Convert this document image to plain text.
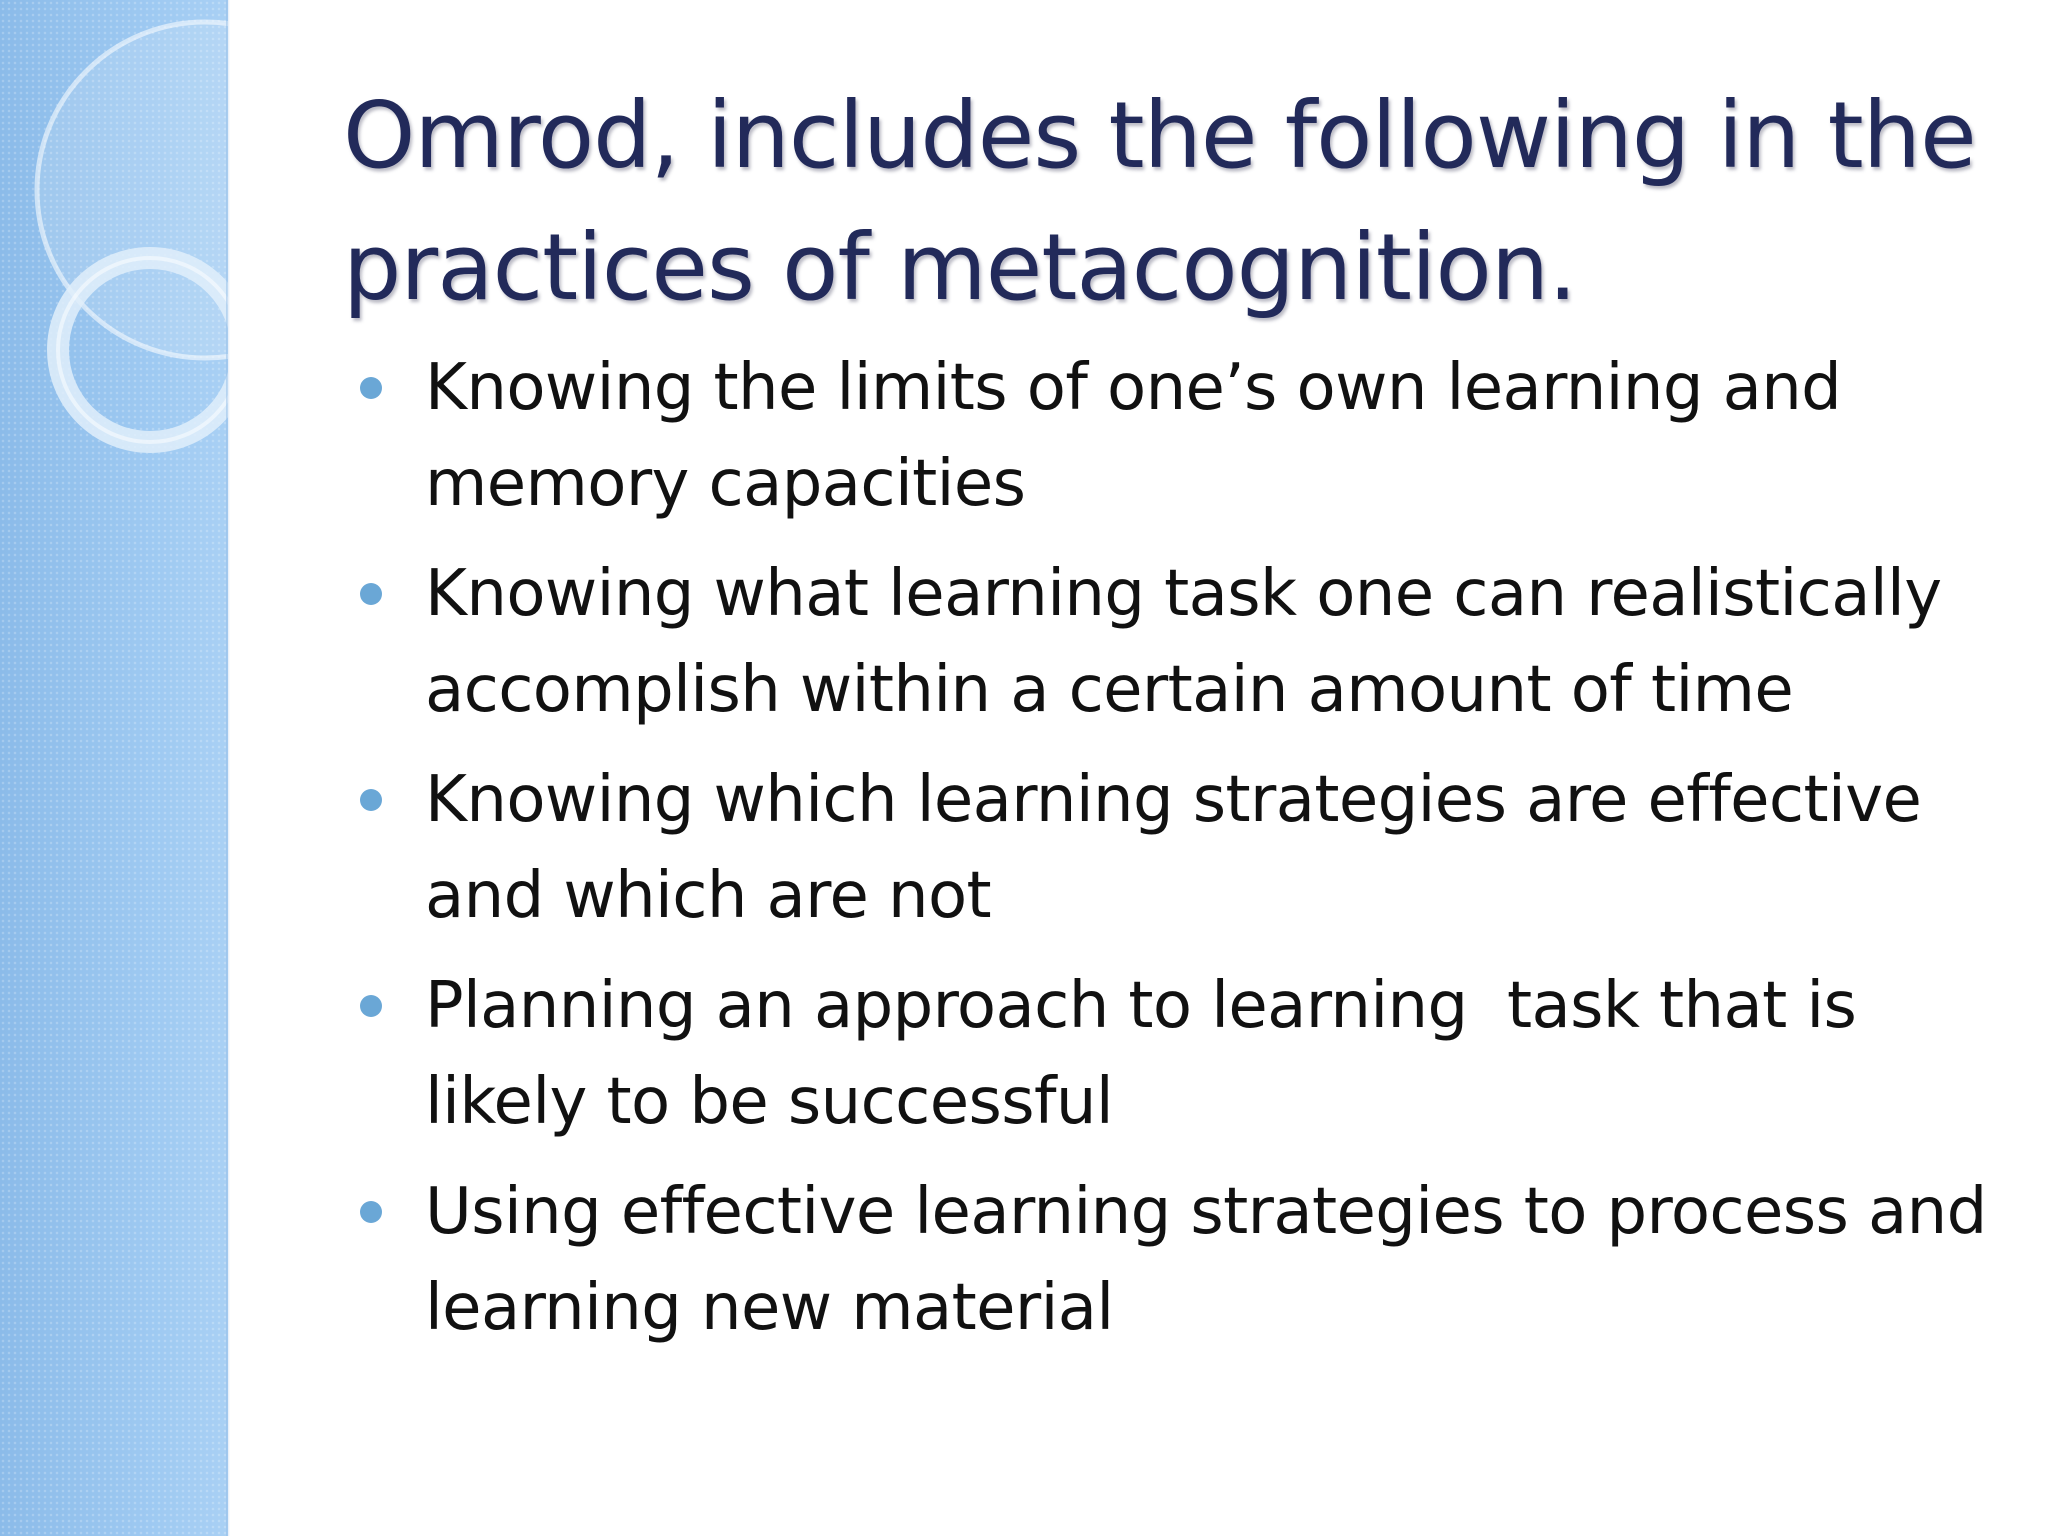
Omrod, includes the following in the practices of metacognition.
Knowing the limits of one’s own learning and memory capacities
Knowing what learning task one can realistically accomplish within a certain amount of time
Knowing which learning strategies are effective and which are not
Planning an approach to learning  task that is likely to be successful
Using effective learning strategies to process and learning new material
